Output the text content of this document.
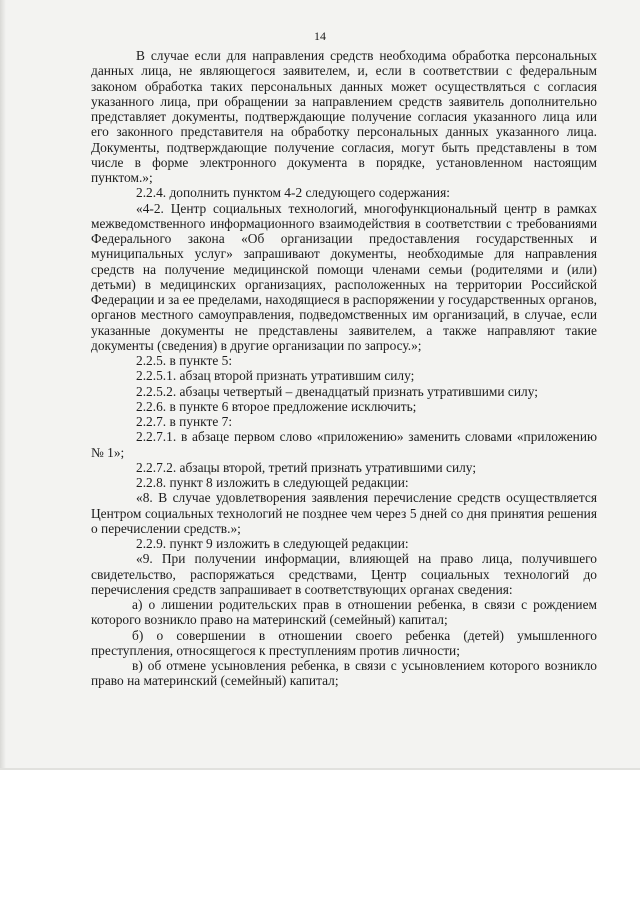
14

В случае если для направления средств необходима обработка персональных данных лица, не являющегося заявителем, и, если в соответствии с федеральным законом обработка таких персональных данных может осуществляться с согласия указанного лица, при обращении за направлением средств заявитель дополнительно представляет документы, подтверждающие получение согласия указанного лица или его законного представителя на обработку персональных данных указанного лица. Документы, подтверждающие получение согласия, могут быть представлены в том числе в форме электронного документа в порядке, установленном настоящим пунктом.»;

2.2.4. дополнить пунктом 4-2 следующего содержания:

«4-2. Центр социальных технологий, многофункциональный центр в рамках межведомственного информационного взаимодействия в соответствии с требованиями Федерального закона «Об организации предоставления государственных и муниципальных услуг» запрашивают документы, необходимые для направления средств на получение медицинской помощи членами семьи (родителями и (или) детьми) в медицинских организациях, расположенных на территории Российской Федерации и за ее пределами, находящиеся в распоряжении у государственных органов, органов местного самоуправления, подведомственных им организаций, в случае, если указанные документы не представлены заявителем, а также направляют такие документы (сведения) в другие организации по запросу.»;

2.2.5. в пункте 5:

2.2.5.1. абзац второй признать утратившим силу;

2.2.5.2. абзацы четвертый – двенадцатый признать утратившими силу;

2.2.6. в пункте 6 второе предложение исключить;

2.2.7. в пункте 7:

2.2.7.1. в абзаце первом слово «приложению» заменить словами «приложению № 1»;

2.2.7.2. абзацы второй, третий признать утратившими силу;

2.2.8. пункт 8 изложить в следующей редакции:

«8. В случае удовлетворения заявления перечисление средств осуществляется Центром социальных технологий не позднее чем через 5 дней со дня принятия решения о перечислении средств.»;

2.2.9. пункт 9 изложить в следующей редакции:

«9. При получении информации, влияющей на право лица, получившего свидетельство, распоряжаться средствами, Центр социальных технологий до перечисления средств запрашивает в соответствующих органах сведения:

а) о лишении родительских прав в отношении ребенка, в связи с рождением которого возникло право на материнский (семейный) капитал;

б) о совершении в отношении своего ребенка (детей) умышленного преступления, относящегося к преступлениям против личности;

в) об отмене усыновления ребенка, в связи с усыновлением которого возникло право на материнский (семейный) капитал;
